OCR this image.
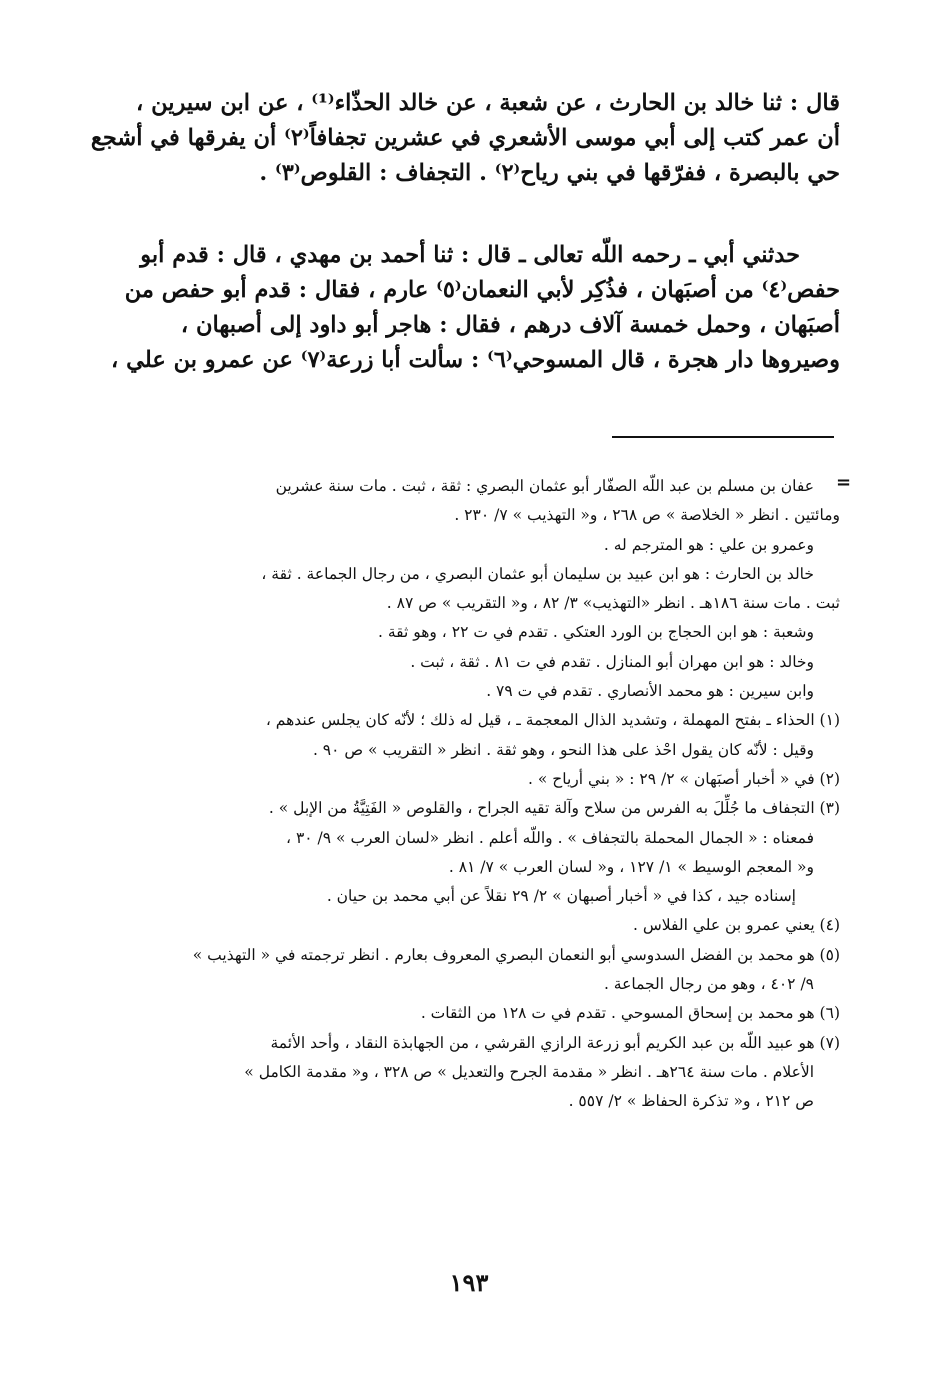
قال : ثنا خالد بن الحارث ، عن شعبة ، عن خالد الحذّاء⁽¹⁾ ، عن ابن سيرين ،
أن عمر كتب إلى أبي موسى الأشعري في عشرين تجفافاً⁽٢⁾ أن يفرقها في أشجع
حي بالبصرة ، ففرّقها في بني رياح⁽٢⁾ . التجفاف : القلوص⁽٣⁾ .
حدثني أبي ـ رحمه اللّه تعالى ـ قال : ثنا أحمد بن مهدي ، قال : قدم أبو
حفص⁽٤⁾ من أصبَهان ، فذُكِر لأبي النعمان⁽٥⁾ عارم ، فقال : قدم أبو حفص من
أصبَهان ، وحمل خمسة آلاف درهم ، فقال : هاجر أبو داود إلى أصبهان ،
وصيروها دار هجرة ، قال المسوحي⁽٦⁾ : سألت أبا زرعة⁽٧⁾ عن عمرو بن علي ،
=
عفان بن مسلم بن عبد اللّه الصفّار أبو عثمان البصري : ثقة ، ثبت . مات سنة عشرين
ومائتين . انظر « الخلاصة » ص ٢٦٨ ، و« التهذيب » ٧/ ٢٣٠ .
وعمرو بن علي : هو المترجم له .
خالد بن الحارث : هو ابن عبيد بن سليمان أبو عثمان البصري ، من رجال الجماعة . ثقة ،
ثبت . مات سنة ١٨٦هـ . انظر «التهذيب» ٣/ ٨٢ ، و« التقريب » ص ٨٧ .
وشعبة : هو ابن الحجاج بن الورد العتكي . تقدم في ت ٢٢ ، وهو ثقة .
وخالد : هو ابن مهران أبو المنازل . تقدم في ت ٨١ . ثقة ، ثبت .
وابن سيرين : هو محمد الأنصاري . تقدم في ت ٧٩ .
(١) الحذاء ـ بفتح المهملة ، وتشديد الذال المعجمة ـ ، قيل له ذلك ؛ لأنّه كان يجلس عندهم ،
وقيل : لأنّه كان يقول احْذ على هذا النحو ، وهو ثقة . انظر « التقريب » ص ٩٠ .
(٢) في « أخبار أصبَهان » ٢/ ٢٩ : « بني أرياح » .
(٣) التجفاف ما جُلِّلَ به الفرس من سلاح وآلة تقيه الجراح ، والقلوص « الفَتِيَّةُ من الإبل » .
فمعناه : « الجمال المحملة بالتجفاف » . واللّه أعلم . انظر «لسان العرب » ٩/ ٣٠ ،
و« المعجم الوسيط » ١/ ١٢٧ ، و« لسان العرب » ٧/ ٨١ .
إسناده جيد ، كذا في « أخبار أصبهان » ٢/ ٢٩ نقلاً عن أبي محمد بن حيان .
(٤) يعني عمرو بن علي الفلاس .
(٥) هو محمد بن الفضل السدوسي أبو النعمان البصري المعروف بعارم . انظر ترجمته في « التهذيب »
٩/ ٤٠٢ ، وهو من رجال الجماعة .
(٦) هو محمد بن إسحاق المسوحي . تقدم في ت ١٢٨ من الثقات .
(٧) هو عبيد اللّه بن عبد الكريم أبو زرعة الرازي القرشي ، من الجهابذة النقاد ، وأحد الأئمة
الأعلام . مات سنة ٢٦٤هـ . انظر « مقدمة الجرح والتعديل » ص ٣٢٨ ، و« مقدمة الكامل »
ص ٢١٢ ، و« تذكرة الحفاظ » ٢/ ٥٥٧ .
١٩٣
